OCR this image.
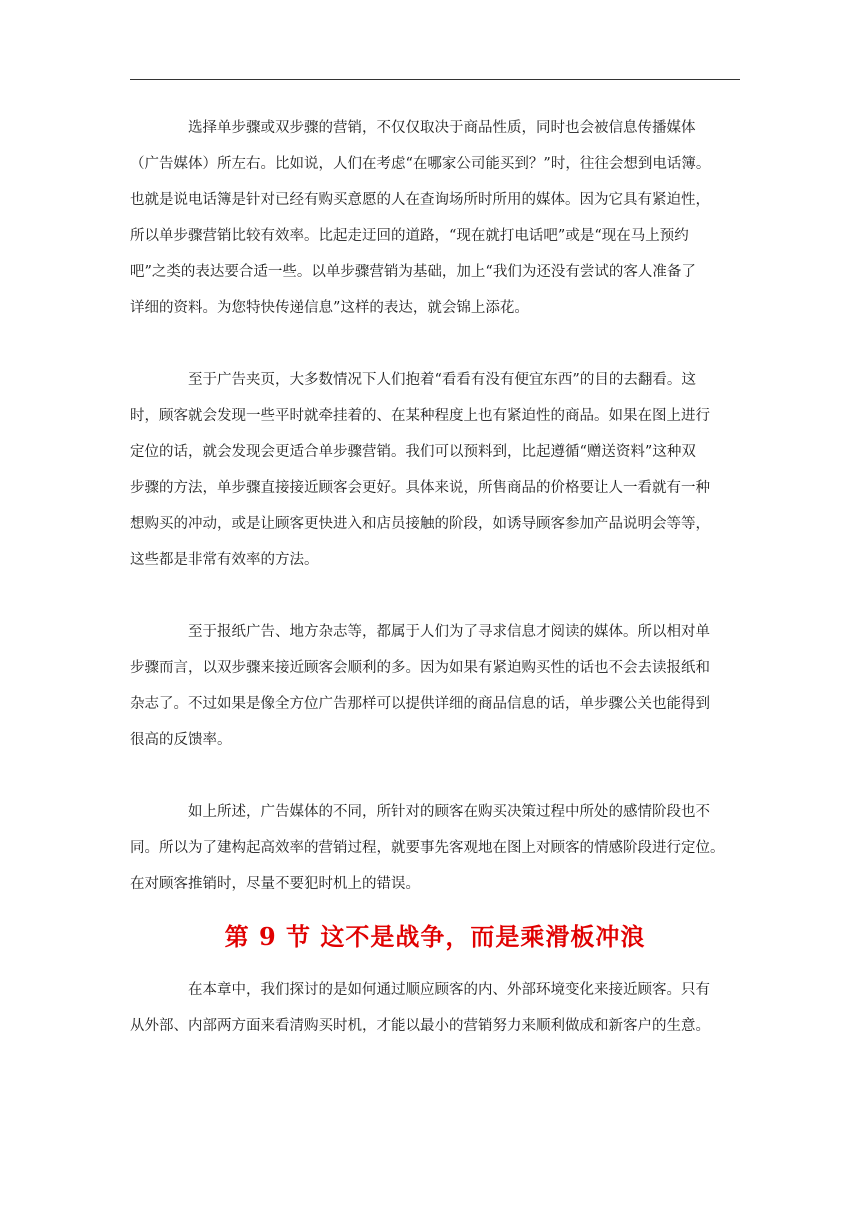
选择单步骤或双步骤的营销，不仅仅取决于商品性质，同时也会被信息传播媒体

（广告媒体）所左右。比如说，人们在考虑“在哪家公司能买到？”时，往往会想到电话簿。

也就是说电话簿是针对已经有购买意愿的人在查询场所时所用的媒体。因为它具有紧迫性，

所以单步骤营销比较有效率。比起走迂回的道路，“现在就打电话吧”或是“现在马上预约

吧”之类的表达要合适一些。以单步骤营销为基础，加上“我们为还没有尝试的客人准备了

详细的资料。为您特快传递信息”这样的表达，就会锦上添花。

至于广告夹页，大多数情况下人们抱着“看看有没有便宜东西”的目的去翻看。这

时，顾客就会发现一些平时就牵挂着的、在某种程度上也有紧迫性的商品。如果在图上进行

定位的话，就会发现会更适合单步骤营销。我们可以预料到，比起遵循“赠送资料”这种双

步骤的方法，单步骤直接接近顾客会更好。具体来说，所售商品的价格要让人一看就有一种

想购买的冲动，或是让顾客更快进入和店员接触的阶段，如诱导顾客参加产品说明会等等，

这些都是非常有效率的方法。

至于报纸广告、地方杂志等，都属于人们为了寻求信息才阅读的媒体。所以相对单

步骤而言，以双步骤来接近顾客会顺利的多。因为如果有紧迫购买性的话也不会去读报纸和

杂志了。不过如果是像全方位广告那样可以提供详细的商品信息的话，单步骤公关也能得到

很高的反馈率。

如上所述，广告媒体的不同，所针对的顾客在购买决策过程中所处的感情阶段也不

同。所以为了建构起高效率的营销过程，就要事先客观地在图上对顾客的情感阶段进行定位。

在对顾客推销时，尽量不要犯时机上的错误。

第 9 节 这不是战争，而是乘滑板冲浪

在本章中，我们探讨的是如何通过顺应顾客的内、外部环境变化来接近顾客。只有

从外部、内部两方面来看清购买时机，才能以最小的营销努力来顺利做成和新客户的生意。
